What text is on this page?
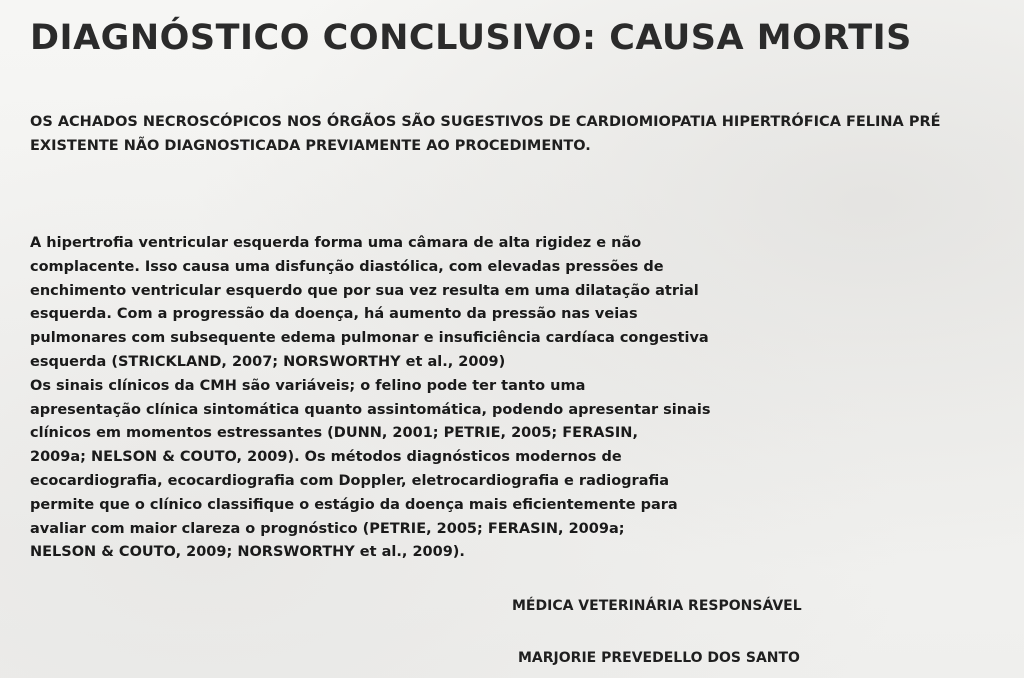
DIAGNÓSTICO CONCLUSIVO: CAUSA MORTIS

OS ACHADOS NECROSCÓPICOS NOS ÓRGÃOS SÃO SUGESTIVOS DE CARDIOMIOPATIA HIPERTRÓFICA FELINA PRÉ EXISTENTE NÃO DIAGNOSTICADA PREVIAMENTE AO PROCEDIMENTO.

A hipertrofia ventricular esquerda forma uma câmara de alta rigidez e não
complacente. Isso causa uma disfunção diastólica, com elevadas pressões de
enchimento ventricular esquerdo que por sua vez resulta em uma dilatação atrial
esquerda. Com a progressão da doença, há aumento da pressão nas veias
pulmonares com subsequente edema pulmonar e insuficiência cardíaca congestiva
esquerda (STRICKLAND, 2007; NORSWORTHY et al., 2009)
Os sinais clínicos da CMH são variáveis; o felino pode ter tanto uma
apresentação clínica sintomática quanto assintomática, podendo apresentar sinais
clínicos em momentos estressantes (DUNN, 2001; PETRIE, 2005; FERASIN,
2009a; NELSON & COUTO, 2009). Os métodos diagnósticos modernos de
ecocardiografia, ecocardiografia com Doppler, eletrocardiografia e radiografia
permite que o clínico classifique o estágio da doença mais eficientemente para
avaliar com maior clareza o prognóstico (PETRIE, 2005; FERASIN, 2009a;
NELSON & COUTO, 2009; NORSWORTHY et al., 2009).

MÉDICA VETERINÁRIA RESPONSÁVEL

MARJORIE PREVEDELLO DOS SANTO
